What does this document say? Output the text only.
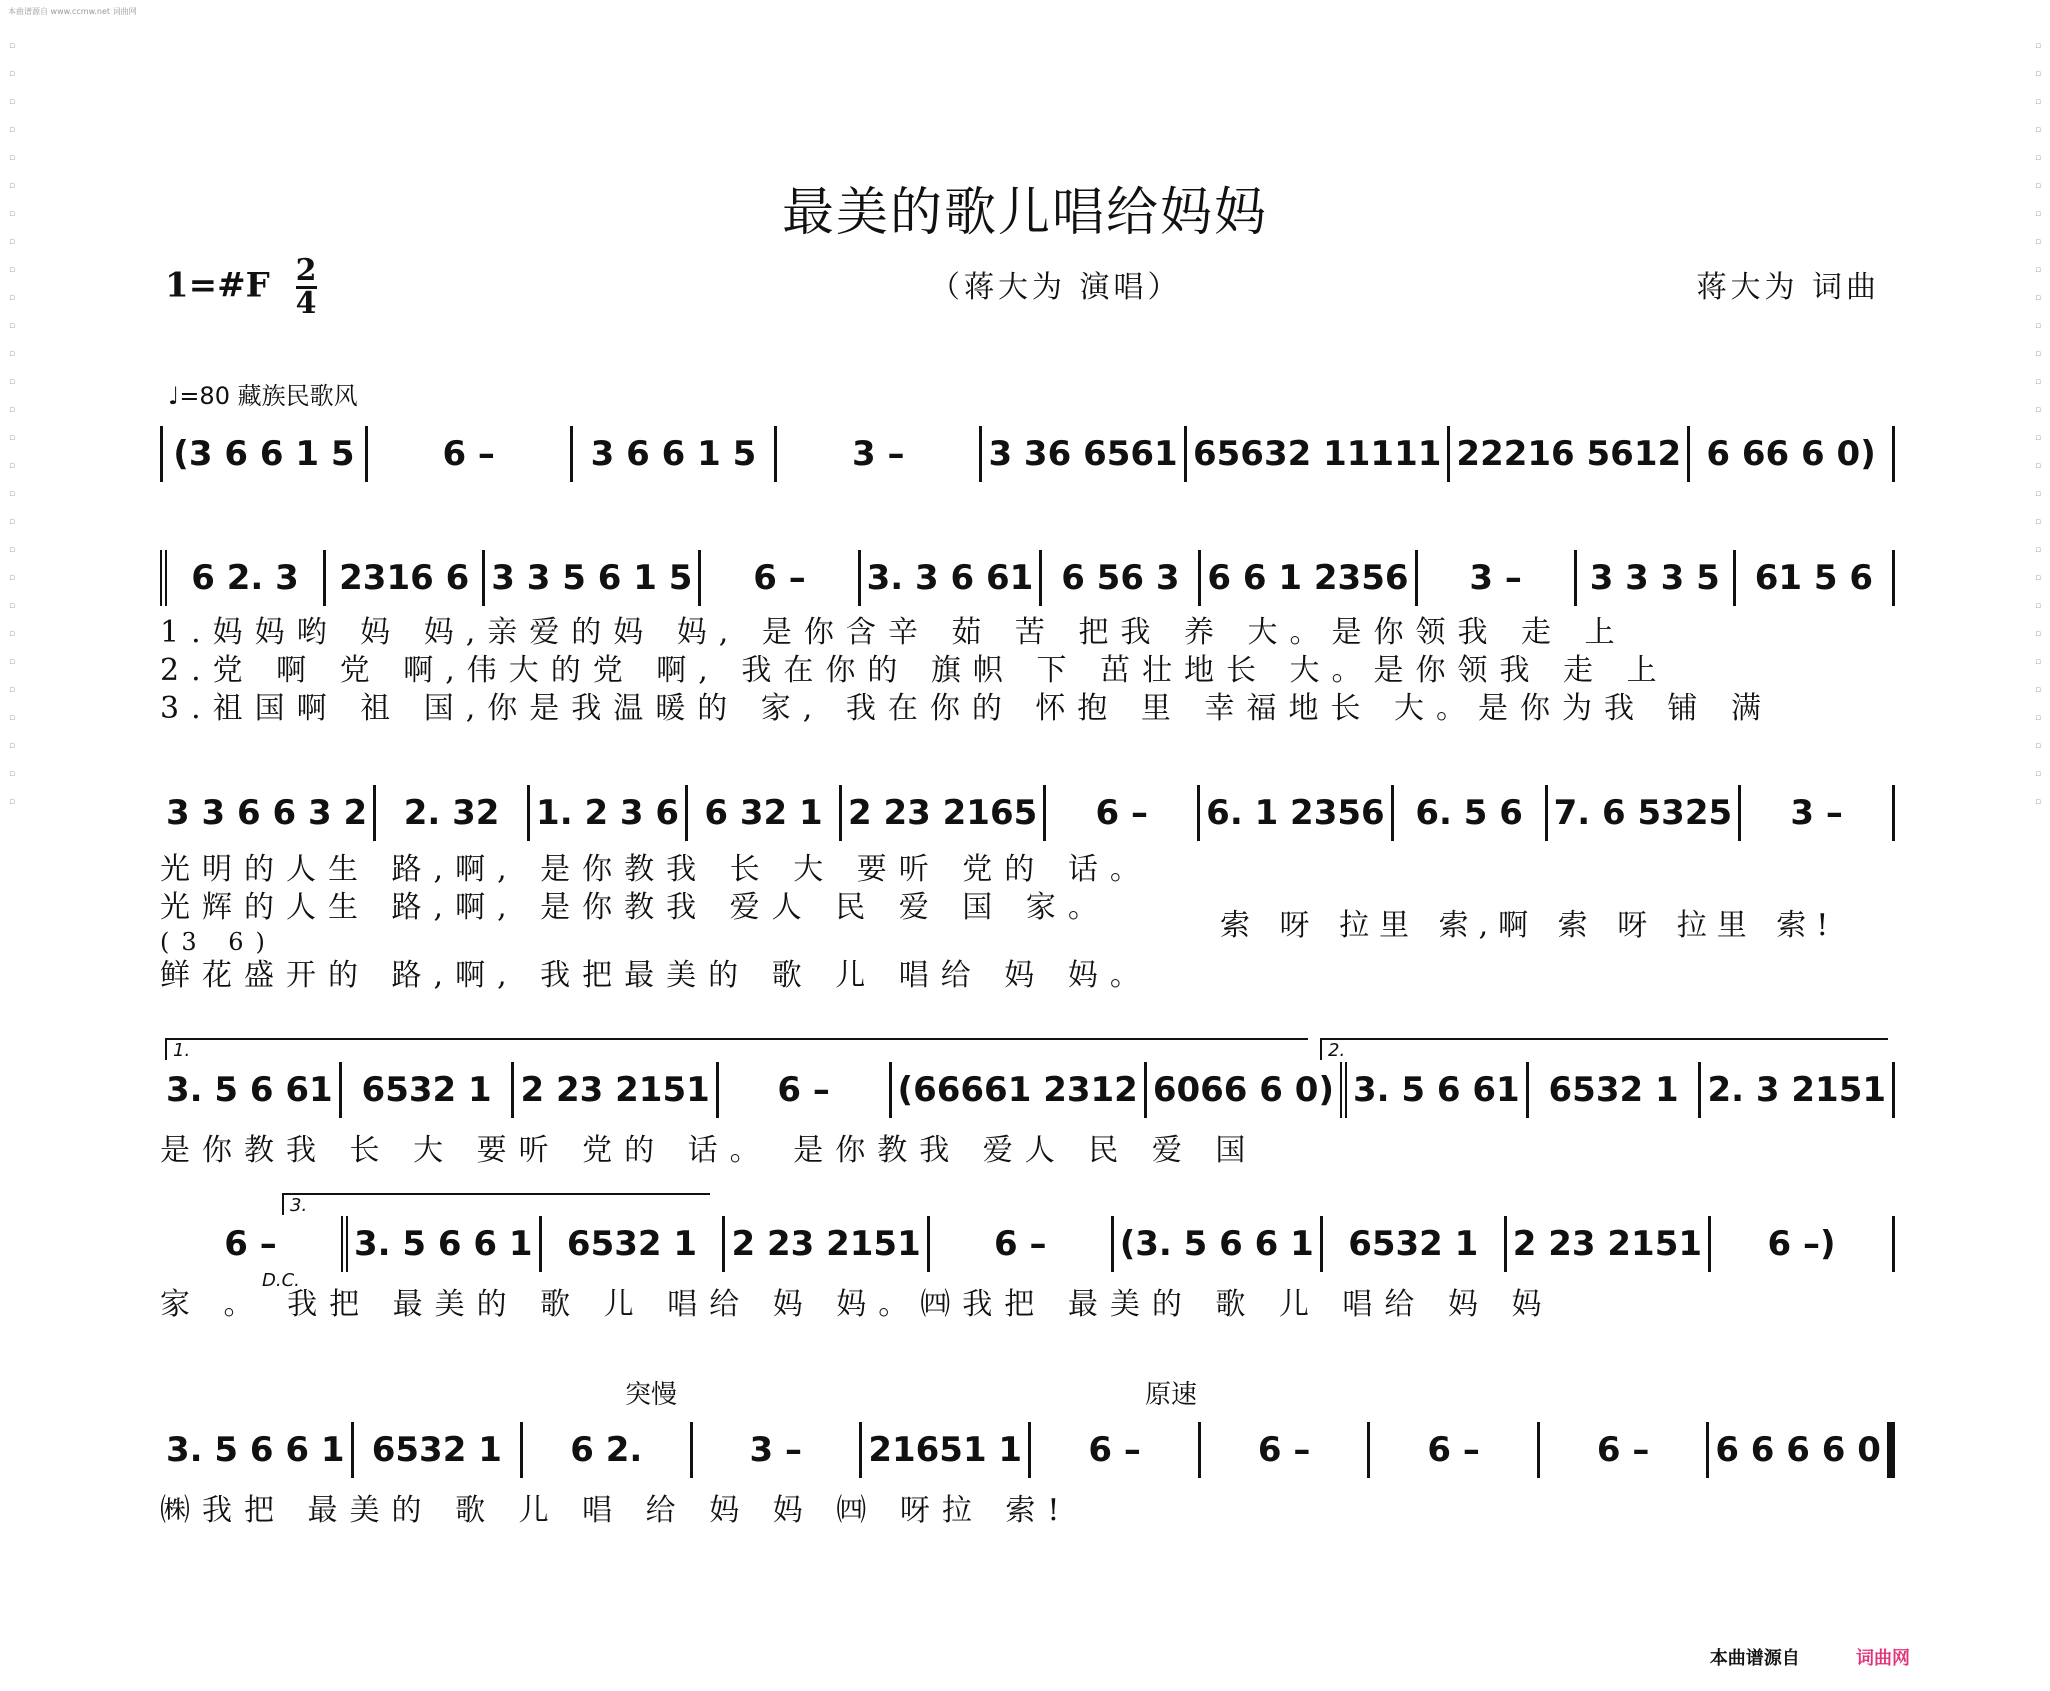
本曲谱源自 www.ccmw.net 词曲网
▫
▫
▫
▫
▫
▫
▫
▫
▫
▫
▫
▫
▫
▫
▫
▫
▫
▫
▫
▫
▫
▫
▫
▫
▫
▫
▫
▫
▫
▫
▫
▫
▫
▫
▫
▫
▫
▫
▫
▫
▫
▫
▫
▫
▫
▫
▫
▫
▫
▫
▫
▫
▫
▫
▫
▫
最美的歌儿唱给妈妈
1=#F $\frac{2}{4}$	（蒋大为 演唱）	蒋大为 词曲
♩=80 藏族民歌风
(3 6 6 1 5	6 –	3 6 6 1 5	3 – 3 36 6561 65632 11111 22216 5612 6 66 6 0)
6 2. 3 2316 6 3 3 5 6 1 5 6 – 3. 3 6 61 6 56 3 6 6 1 2356 3 – 3 3 3 5 61 5 6
1.妈妈哟 妈 妈,亲爱的妈 妈, 是你含辛 茹 苦 把我 养 大。是你领我 走 上
2.党 啊 党 啊,伟大的党 啊, 我在你的 旗帜 下 茁壮地长 大。是你领我 走 上
3.祖国啊 祖 国,你是我温暖的 家, 我在你的 怀抱 里 幸福地长 大。是你为我 铺 满
3 3 6 6 3 2 2. 32 1. 2 3 6 6 32 1 2 23 2165 6 – 6. 1 2356 6. 5 6 7. 6 5325 3 –
光明的人生 路,啊, 是你教我 长 大 要听 党的 话。
光辉的人生 路,啊, 是你教我 爱人 民 爱 国 家。
(3 6)
鲜花盛开的 路,啊, 我把最美的 歌 儿 唱给 妈 妈。
索 呀 拉里 索,啊 索 呀 拉里 索!
1.	2.
3. 5 6 61 6532 1 2 23 2151 6 – (66661 2312 6066 6 0) 3. 5 6 61 6532 1 2. 3 2151
是你教我 长 大 要听 党的 话。 是你教我 爱人 民 爱 国
3.
D.C.
6 – 3. 5 6 6 1 6532 1 2 23 2151 6 – (3. 5 6 6 1 6532 1 2 23 2151 6 –)
家 。 我把 最美的 歌 儿 唱给 妈 妈。㈣我把 最美的 歌 儿 唱给 妈 妈
突慢	原速
3. 5 6 6 1 6532 1 6 2.	3 – 21651 1 6 –	6 –	6 –	6 – 6 6 6 6 0
㈱我把 最美的 歌 儿 唱 给 妈 妈 ㈣ 呀拉 索!
本曲谱源自	词曲网
